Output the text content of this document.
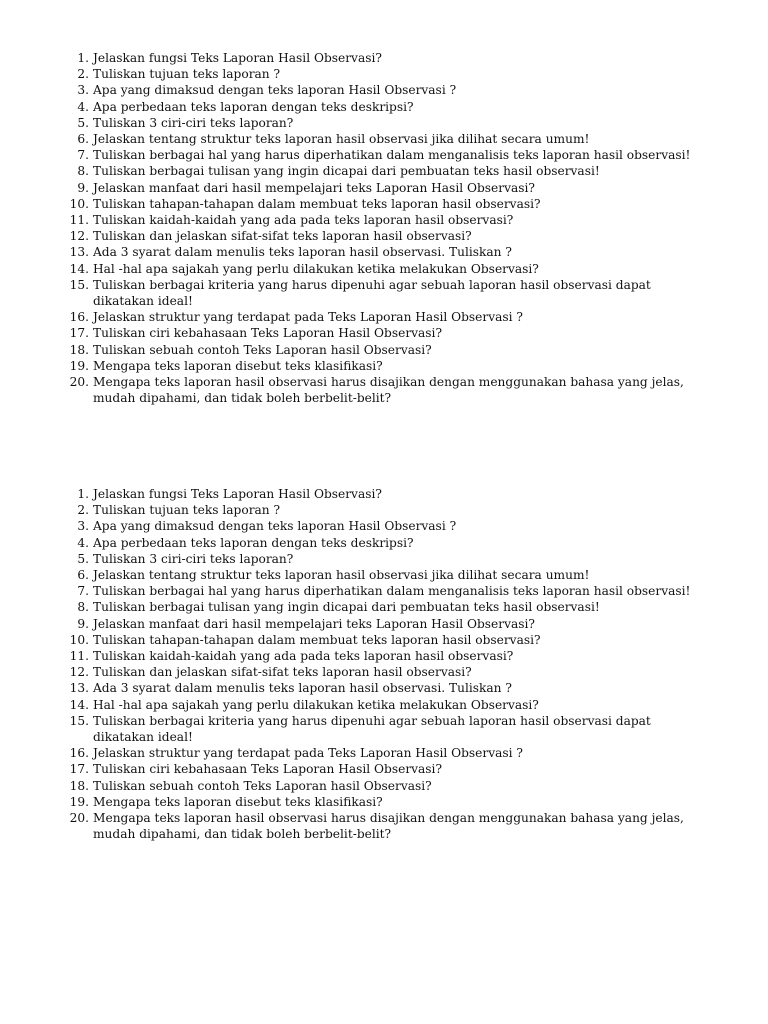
1. Jelaskan fungsi Teks Laporan Hasil Observasi?
2. Tuliskan tujuan teks laporan ?
3. Apa yang dimaksud dengan teks laporan Hasil Observasi ?
4. Apa perbedaan teks laporan dengan teks deskripsi?
5. Tuliskan 3 ciri-ciri teks laporan?
6. Jelaskan tentang struktur teks laporan hasil observasi jika dilihat secara umum!
7. Tuliskan berbagai hal yang harus diperhatikan dalam menganalisis teks laporan hasil observasi!
8. Tuliskan berbagai tulisan yang ingin dicapai dari pembuatan teks hasil observasi!
9. Jelaskan manfaat dari hasil mempelajari teks Laporan Hasil Observasi?
10. Tuliskan tahapan-tahapan dalam membuat teks laporan hasil observasi?
11. Tuliskan kaidah-kaidah yang ada pada teks laporan hasil observasi?
12. Tuliskan dan jelaskan sifat-sifat teks laporan hasil observasi?
13. Ada 3 syarat dalam menulis teks laporan hasil observasi. Tuliskan ?
14. Hal -hal apa sajakah yang perlu dilakukan ketika melakukan Observasi?
15. Tuliskan berbagai kriteria yang harus dipenuhi agar sebuah laporan hasil observasi dapat dikatakan ideal!
16. Jelaskan struktur yang terdapat pada Teks Laporan Hasil Observasi ?
17. Tuliskan ciri kebahasaan Teks Laporan Hasil Observasi?
18. Tuliskan sebuah contoh Teks Laporan hasil Observasi?
19. Mengapa teks laporan disebut teks klasifikasi?
20. Mengapa teks laporan hasil observasi harus disajikan dengan menggunakan bahasa yang jelas, mudah dipahami, dan tidak boleh berbelit-belit?
1. Jelaskan fungsi Teks Laporan Hasil Observasi?
2. Tuliskan tujuan teks laporan ?
3. Apa yang dimaksud dengan teks laporan Hasil Observasi ?
4. Apa perbedaan teks laporan dengan teks deskripsi?
5. Tuliskan 3 ciri-ciri teks laporan?
6. Jelaskan tentang struktur teks laporan hasil observasi jika dilihat secara umum!
7. Tuliskan berbagai hal yang harus diperhatikan dalam menganalisis teks laporan hasil observasi!
8. Tuliskan berbagai tulisan yang ingin dicapai dari pembuatan teks hasil observasi!
9. Jelaskan manfaat dari hasil mempelajari teks Laporan Hasil Observasi?
10. Tuliskan tahapan-tahapan dalam membuat teks laporan hasil observasi?
11. Tuliskan kaidah-kaidah yang ada pada teks laporan hasil observasi?
12. Tuliskan dan jelaskan sifat-sifat teks laporan hasil observasi?
13. Ada 3 syarat dalam menulis teks laporan hasil observasi. Tuliskan ?
14. Hal -hal apa sajakah yang perlu dilakukan ketika melakukan Observasi?
15. Tuliskan berbagai kriteria yang harus dipenuhi agar sebuah laporan hasil observasi dapat dikatakan ideal!
16. Jelaskan struktur yang terdapat pada Teks Laporan Hasil Observasi ?
17. Tuliskan ciri kebahasaan Teks Laporan Hasil Observasi?
18. Tuliskan sebuah contoh Teks Laporan hasil Observasi?
19. Mengapa teks laporan disebut teks klasifikasi?
20. Mengapa teks laporan hasil observasi harus disajikan dengan menggunakan bahasa yang jelas, mudah dipahami, dan tidak boleh berbelit-belit?
